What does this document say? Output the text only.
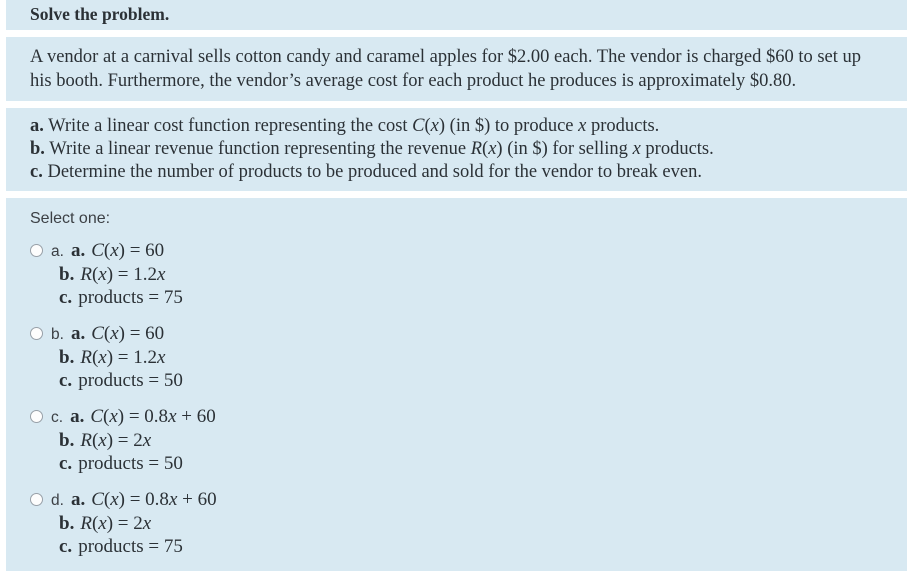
Solve the problem.
A vendor at a carnival sells cotton candy and caramel apples for $2.00 each. The vendor is charged $60 to set up his booth. Furthermore, the vendor’s average cost for each product he produces is approximately $0.80.
a. Write a linear cost function representing the cost C(x) (in $) to produce x products.
b. Write a linear revenue function representing the revenue R(x) (in $) for selling x products.
c. Determine the number of products to be produced and sold for the vendor to break even.
Select one:
a. a. C(x) = 60
b. R(x) = 1.2x
c. products = 75
b. a. C(x) = 60
b. R(x) = 1.2x
c. products = 50
c. a. C(x) = 0.8x + 60
b. R(x) = 2x
c. products = 50
d. a. C(x) = 0.8x + 60
b. R(x) = 2x
c. products = 75
